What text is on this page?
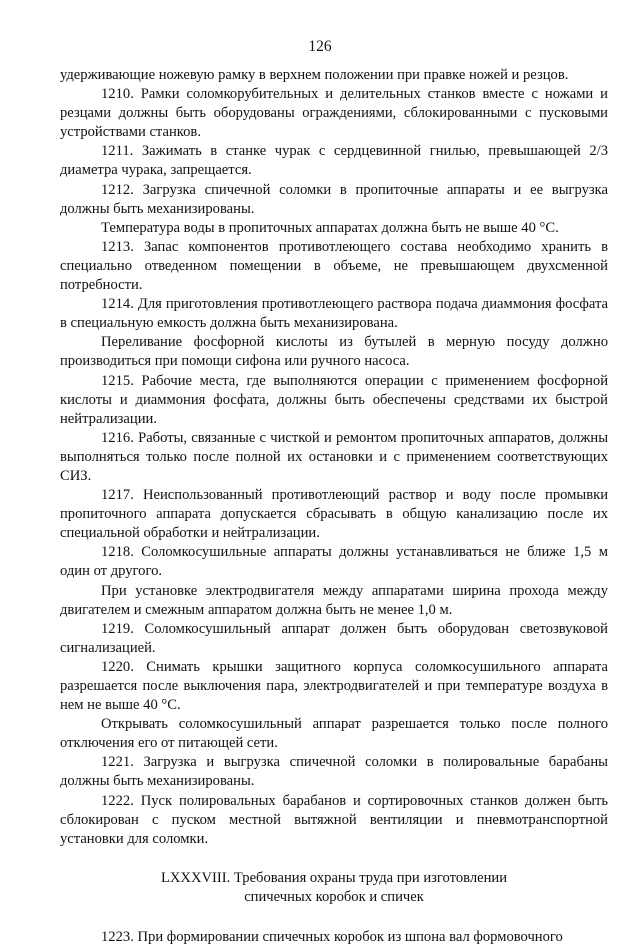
126

удерживающие ножевую рамку в верхнем положении при правке ножей и резцов.

1210. Рамки соломкорубительных и делительных станков вместе с ножами и резцами должны быть оборудованы ограждениями, сблокированными с пусковыми устройствами станков.

1211. Зажимать в станке чурак с сердцевинной гнилью, превышающей 2/3 диаметра чурака, запрещается.

1212. Загрузка спичечной соломки в пропиточные аппараты и ее выгрузка должны быть механизированы.

Температура воды в пропиточных аппаратах должна быть не выше 40 °С.

1213. Запас компонентов противотлеющего состава необходимо хранить в специально отведенном помещении в объеме, не превышающем двухсменной потребности.

1214. Для приготовления противотлеющего раствора подача диаммония фосфата в специальную емкость должна быть механизирована.

Переливание фосфорной кислоты из бутылей в мерную посуду должно производиться при помощи сифона или ручного насоса.

1215. Рабочие места, где выполняются операции с применением фосфорной кислоты и диаммония фосфата, должны быть обеспечены средствами их быстрой нейтрализации.

1216. Работы, связанные с чисткой и ремонтом пропиточных аппаратов, должны выполняться только после полной их остановки и с применением соответствующих СИЗ.

1217. Неиспользованный противотлеющий раствор и воду после промывки пропиточного аппарата допускается сбрасывать в общую канализацию после их специальной обработки и нейтрализации.

1218. Соломкосушильные аппараты должны устанавливаться не ближе 1,5 м один от другого.

При установке электродвигателя между аппаратами ширина прохода между двигателем и смежным аппаратом должна быть не менее 1,0 м.

1219. Соломкосушильный аппарат должен быть оборудован светозвуковой сигнализацией.

1220. Снимать крышки защитного корпуса соломкосушильного аппарата разрешается после выключения пара, электродвигателей и при температуре воздуха в нем не выше 40 °С.

Открывать соломкосушильный аппарат разрешается только после полного отключения его от питающей сети.

1221. Загрузка и выгрузка спичечной соломки в полировальные барабаны должны быть механизированы.

1222. Пуск полировальных барабанов и сортировочных станков должен быть сблокирован с пуском местной вытяжной вентиляции и пневмотранспортной установки для соломки.

LXXXVIII. Требования охраны труда при изготовлении
спичечных коробок и спичек

1223. При формировании спичечных коробок из шпона вал формовочного
